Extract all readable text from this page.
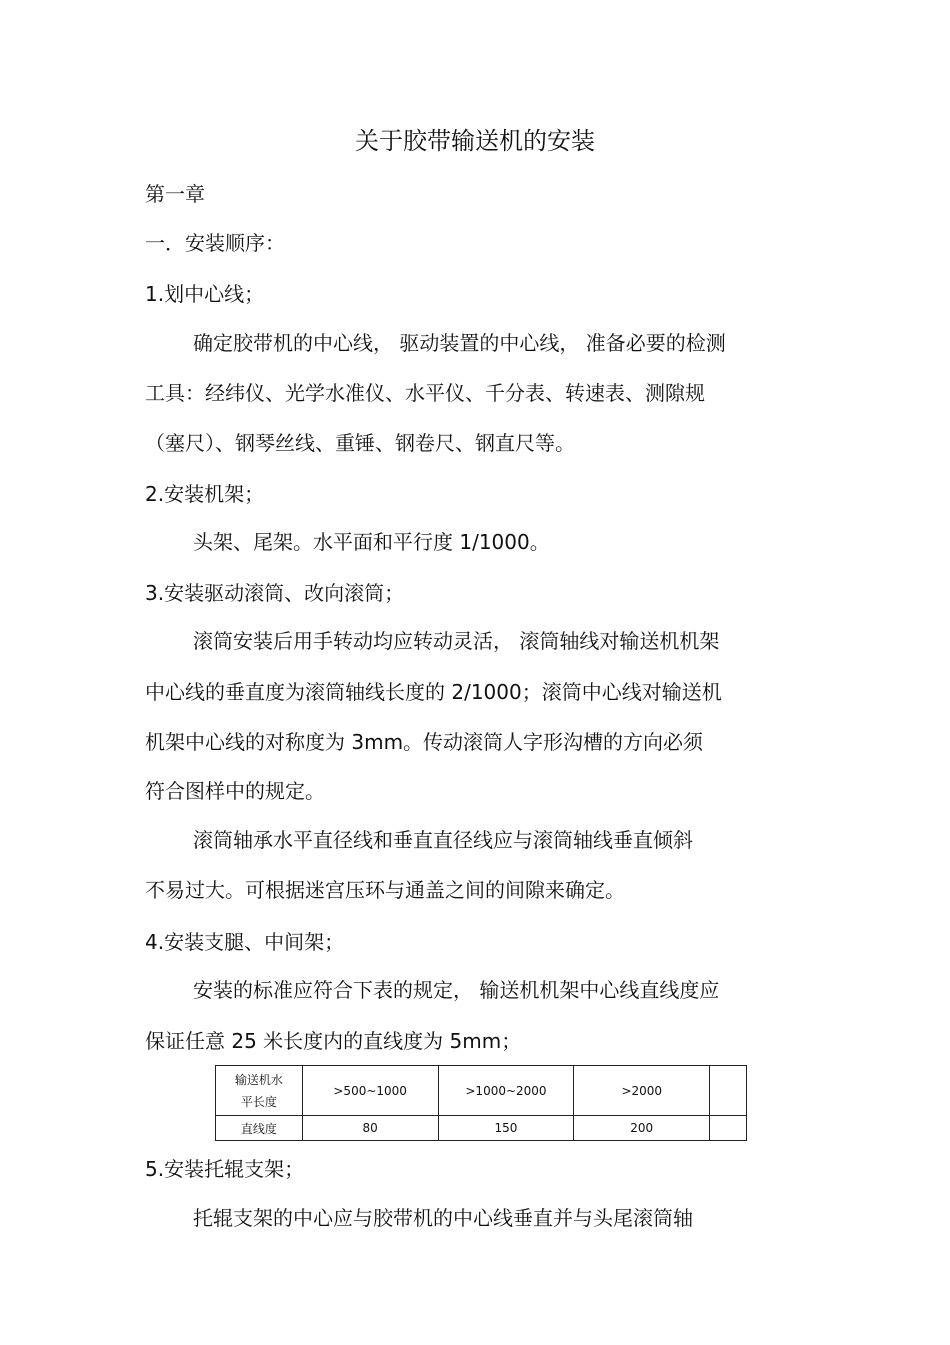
关于胶带输送机的安装
第一章
一．安装顺序：
1.划中心线；
确定胶带机的中心线， 驱动装置的中心线， 准备必要的检测
工具：经纬仪、光学水准仪、水平仪、千分表、转速表、测隙规
（塞尺）、钢琴丝线、重锤、钢卷尺、钢直尺等。
2.安装机架；
头架、尾架。水平面和平行度 1/1000。
3.安装驱动滚筒、改向滚筒；
滚筒安装后用手转动均应转动灵活， 滚筒轴线对输送机机架
中心线的垂直度为滚筒轴线长度的 2/1000；滚筒中心线对输送机
机架中心线的对称度为 3mm。传动滚筒人字形沟槽的方向必须
符合图样中的规定。
滚筒轴承水平直径线和垂直直径线应与滚筒轴线垂直倾斜
不易过大。可根据迷宫压环与通盖之间的间隙来确定。
4.安装支腿、中间架；
安装的标准应符合下表的规定， 输送机机架中心线直线度应
保证任意 25 米长度内的直线度为 5mm；
输送机水
平长度	>500~1000	>1000~2000	>2000	
直线度	80	150	200	
5.安装托辊支架；
托辊支架的中心应与胶带机的中心线垂直并与头尾滚筒轴
